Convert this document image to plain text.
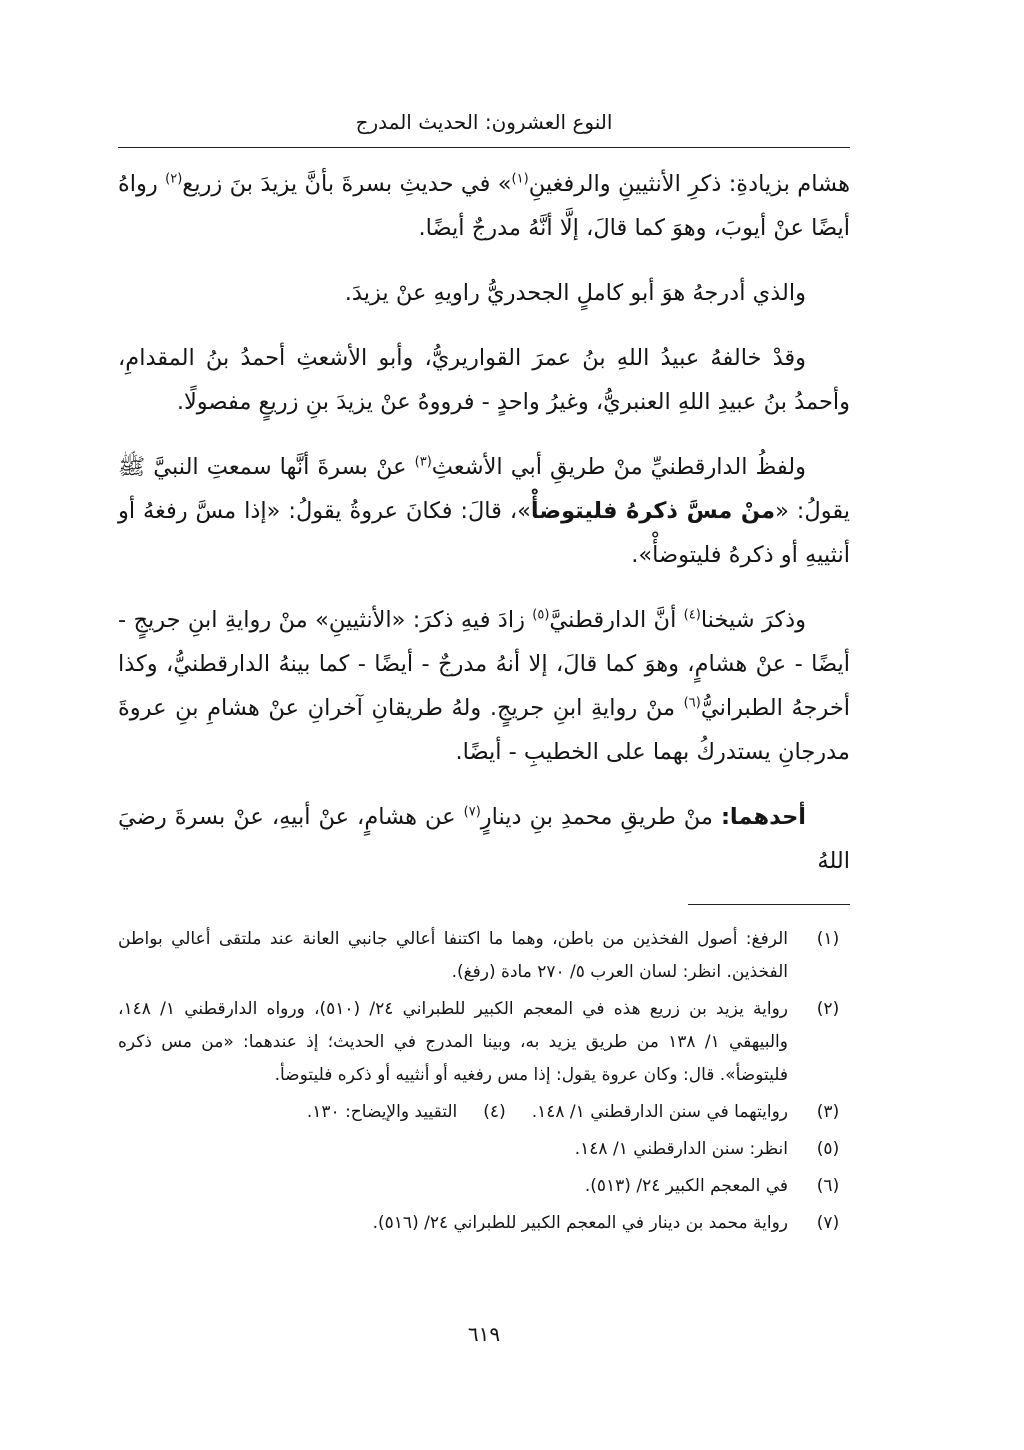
النوع العشرون: الحديث المدرج

هشام بزيادةِ: ذكرِ الأنثيينِ والرفغينِ$^{(١)}$» في حديثِ بسرةَ بأنَّ يزيدَ بنَ زريع$^{(٢)}$ رواهُ أيضًا عنْ أيوبَ، وهوَ كما قالَ، إلَّا أنَّهُ مدرجٌ أيضًا.

والذي أدرجهُ هوَ أبو كاملٍ الجحدريُّ راويهِ عنْ يزيدَ.

وقدْ خالفهُ عبيدُ اللهِ بنُ عمرَ القواريريُّ، وأبو الأشعثِ أحمدُ بنُ المقدامِ، وأحمدُ بنُ عبيدِ اللهِ العنبريُّ، وغيرُ واحدٍ - فرووهُ عنْ يزيدَ بنِ زريعٍ مفصولًا.

ولفظُ الدارقطنيِّ منْ طريقِ أبي الأشعثِ$^{(٣)}$ عنْ بسرةَ أنَّها سمعتِ النبيَّ ﷺ يقولُ: «منْ مسَّ ذكرهُ فليتوضأْ»، قالَ: فكانَ عروةُ يقولُ: «إذا مسَّ رفغهُ أو أنثييهِ أو ذكرهُ فليتوضأْ».

وذكرَ شيخنا$^{(٤)}$ أنَّ الدارقطنيَّ$^{(٥)}$ زادَ فيهِ ذكرَ: «الأنثيينِ» منْ روايةِ ابنِ جريجٍ - أيضًا - عنْ هشامٍ، وهوَ كما قالَ، إلا أنهُ مدرجٌ - أيضًا - كما بينهُ الدارقطنيُّ، وكذا أخرجهُ الطبرانيُّ$^{(٦)}$ منْ روايةِ ابنِ جريجٍ. ولهُ طريقانِ آخرانِ عنْ هشامِ بنِ عروةَ مدرجانِ يستدركُ بهما على الخطيبِ - أيضًا.

أحدهما: منْ طريقِ محمدِ بنِ دينارٍ$^{(٧)}$ عن هشامٍ، عنْ أبيهِ، عنْ بسرةَ رضيَ اللهُ

(١)
الرفغ: أصول الفخذين من باطن، وهما ما اكتنفا أعالي جانبي العانة عند ملتقى أعالي بواطن الفخذين. انظر: لسان العرب ٥/ ٢٧٠ مادة (رفغ).
(٢)
رواية يزيد بن زريع هذه في المعجم الكبير للطبراني ٢٤/ (٥١٠)، ورواه الدارقطني ١/ ١٤٨، والبيهقي ١/ ١٣٨ من طريق يزيد به، وبينا المدرج في الحديث؛ إذ عندهما: «من مس ذكره فليتوضأ». قال: وكان عروة يقول: إذا مس رفغيه أو أنثييه أو ذكره فليتوضأ.
(٣)
روايتهما في سنن الدارقطني ١/ ١٤٨.(٤)التقييد والإيضاح: ١٣٠.
(٥)
انظر: سنن الدارقطني ١/ ١٤٨.
(٦)
في المعجم الكبير ٢٤/ (٥١٣).
(٧)
رواية محمد بن دينار في المعجم الكبير للطبراني ٢٤/ (٥١٦).
٦١٩
